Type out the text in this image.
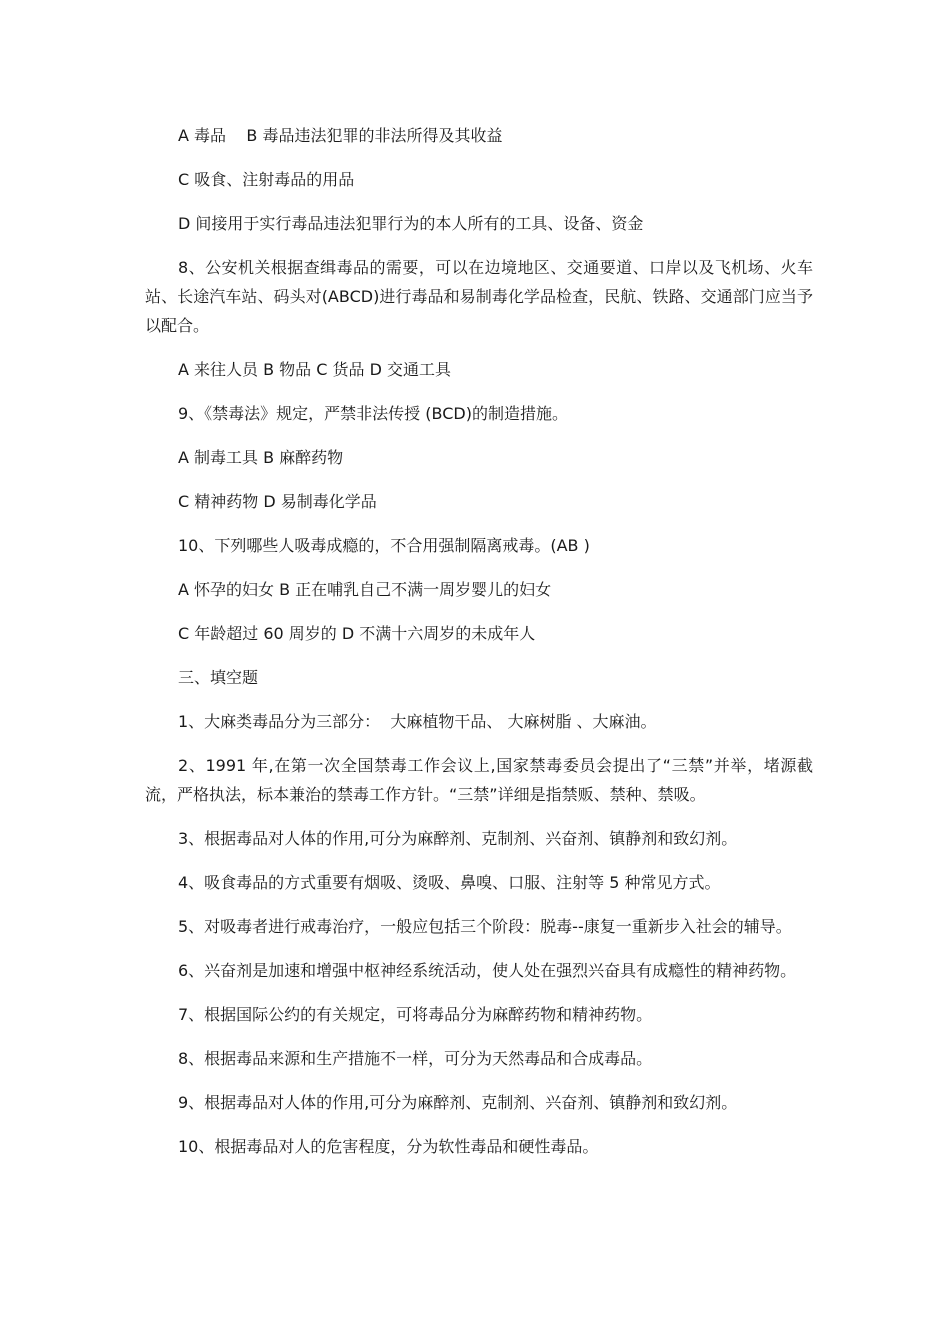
A 毒品    B 毒品违法犯罪的非法所得及其收益

C 吸食、注射毒品的用品

D 间接用于实行毒品违法犯罪行为的本人所有的工具、设备、资金

8、公安机关根据查缉毒品的需要，可以在边境地区、交通要道、口岸以及飞机场、火车站、长途汽车站、码头对(ABCD)进行毒品和易制毒化学品检查，民航、铁路、交通部门应当予以配合。

A 来往人员 B 物品 C 货品 D 交通工具

9、《禁毒法》规定，严禁非法传授 (BCD)的制造措施。

A 制毒工具 B 麻醉药物

C 精神药物 D 易制毒化学品

10、下列哪些人吸毒成瘾的，不合用强制隔离戒毒。(AB )

A 怀孕的妇女 B 正在哺乳自己不满一周岁婴儿的妇女

C 年龄超过 60 周岁的 D 不满十六周岁的未成年人

三、填空题

1、大麻类毒品分为三部分：  大麻植物干品、 大麻树脂 、大麻油。

2、1991 年,在第一次全国禁毒工作会议上,国家禁毒委员会提出了“三禁”并举，堵源截流，严格执法，标本兼治的禁毒工作方针。“三禁”详细是指禁贩、禁种、禁吸。

3、根据毒品对人体的作用,可分为麻醉剂、克制剂、兴奋剂、镇静剂和致幻剂。

4、吸食毒品的方式重要有烟吸、烫吸、鼻嗅、口服、注射等 5 种常见方式。

5、对吸毒者进行戒毒治疗，一般应包括三个阶段：脱毒--康复一重新步入社会的辅导。

6、兴奋剂是加速和增强中枢神经系统活动，使人处在强烈兴奋具有成瘾性的精神药物。

7、根据国际公约的有关规定，可将毒品分为麻醉药物和精神药物。

8、根据毒品来源和生产措施不一样，可分为天然毒品和合成毒品。

9、根据毒品对人体的作用,可分为麻醉剂、克制剂、兴奋剂、镇静剂和致幻剂。

10、根据毒品对人的危害程度，分为软性毒品和硬性毒品。
